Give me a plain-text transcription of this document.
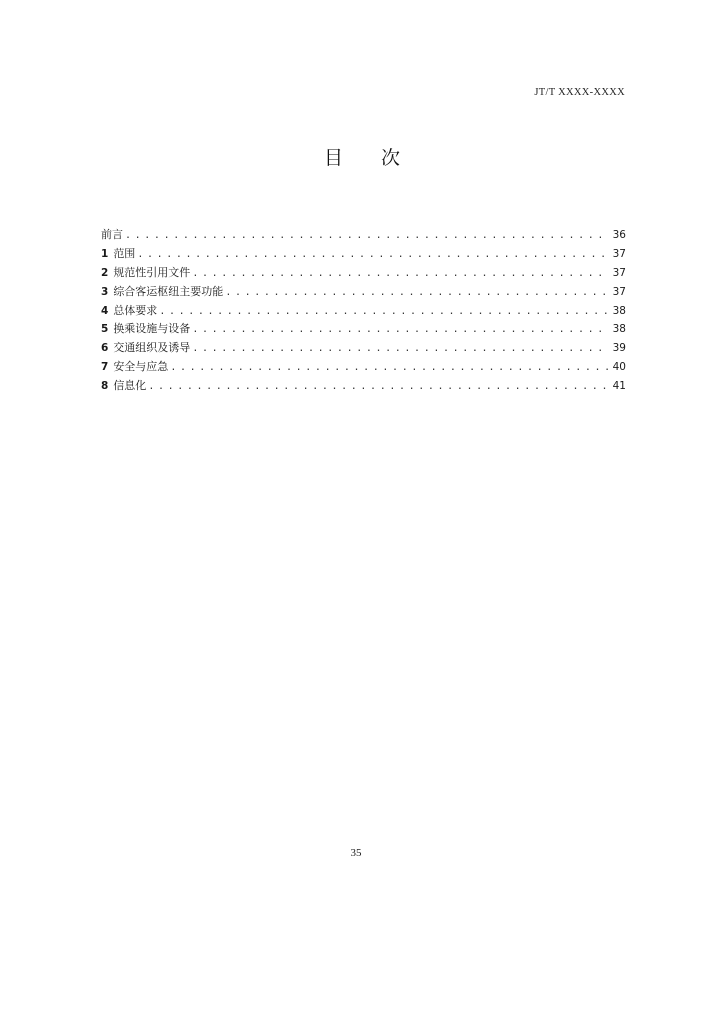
JT/T XXXX-XXXX
目 次
前言 . . .	36
1 范围 . . .	37
2 规范性引用文件 . . .	37
3 综合客运枢纽主要功能 . . .	37
4 总体要求 . . .	38
5 换乘设施与设备 . . .	38
6 交通组织及诱导 . . .	39
7 安全与应急 . . .	40
8 信息化 . . .	41
35
